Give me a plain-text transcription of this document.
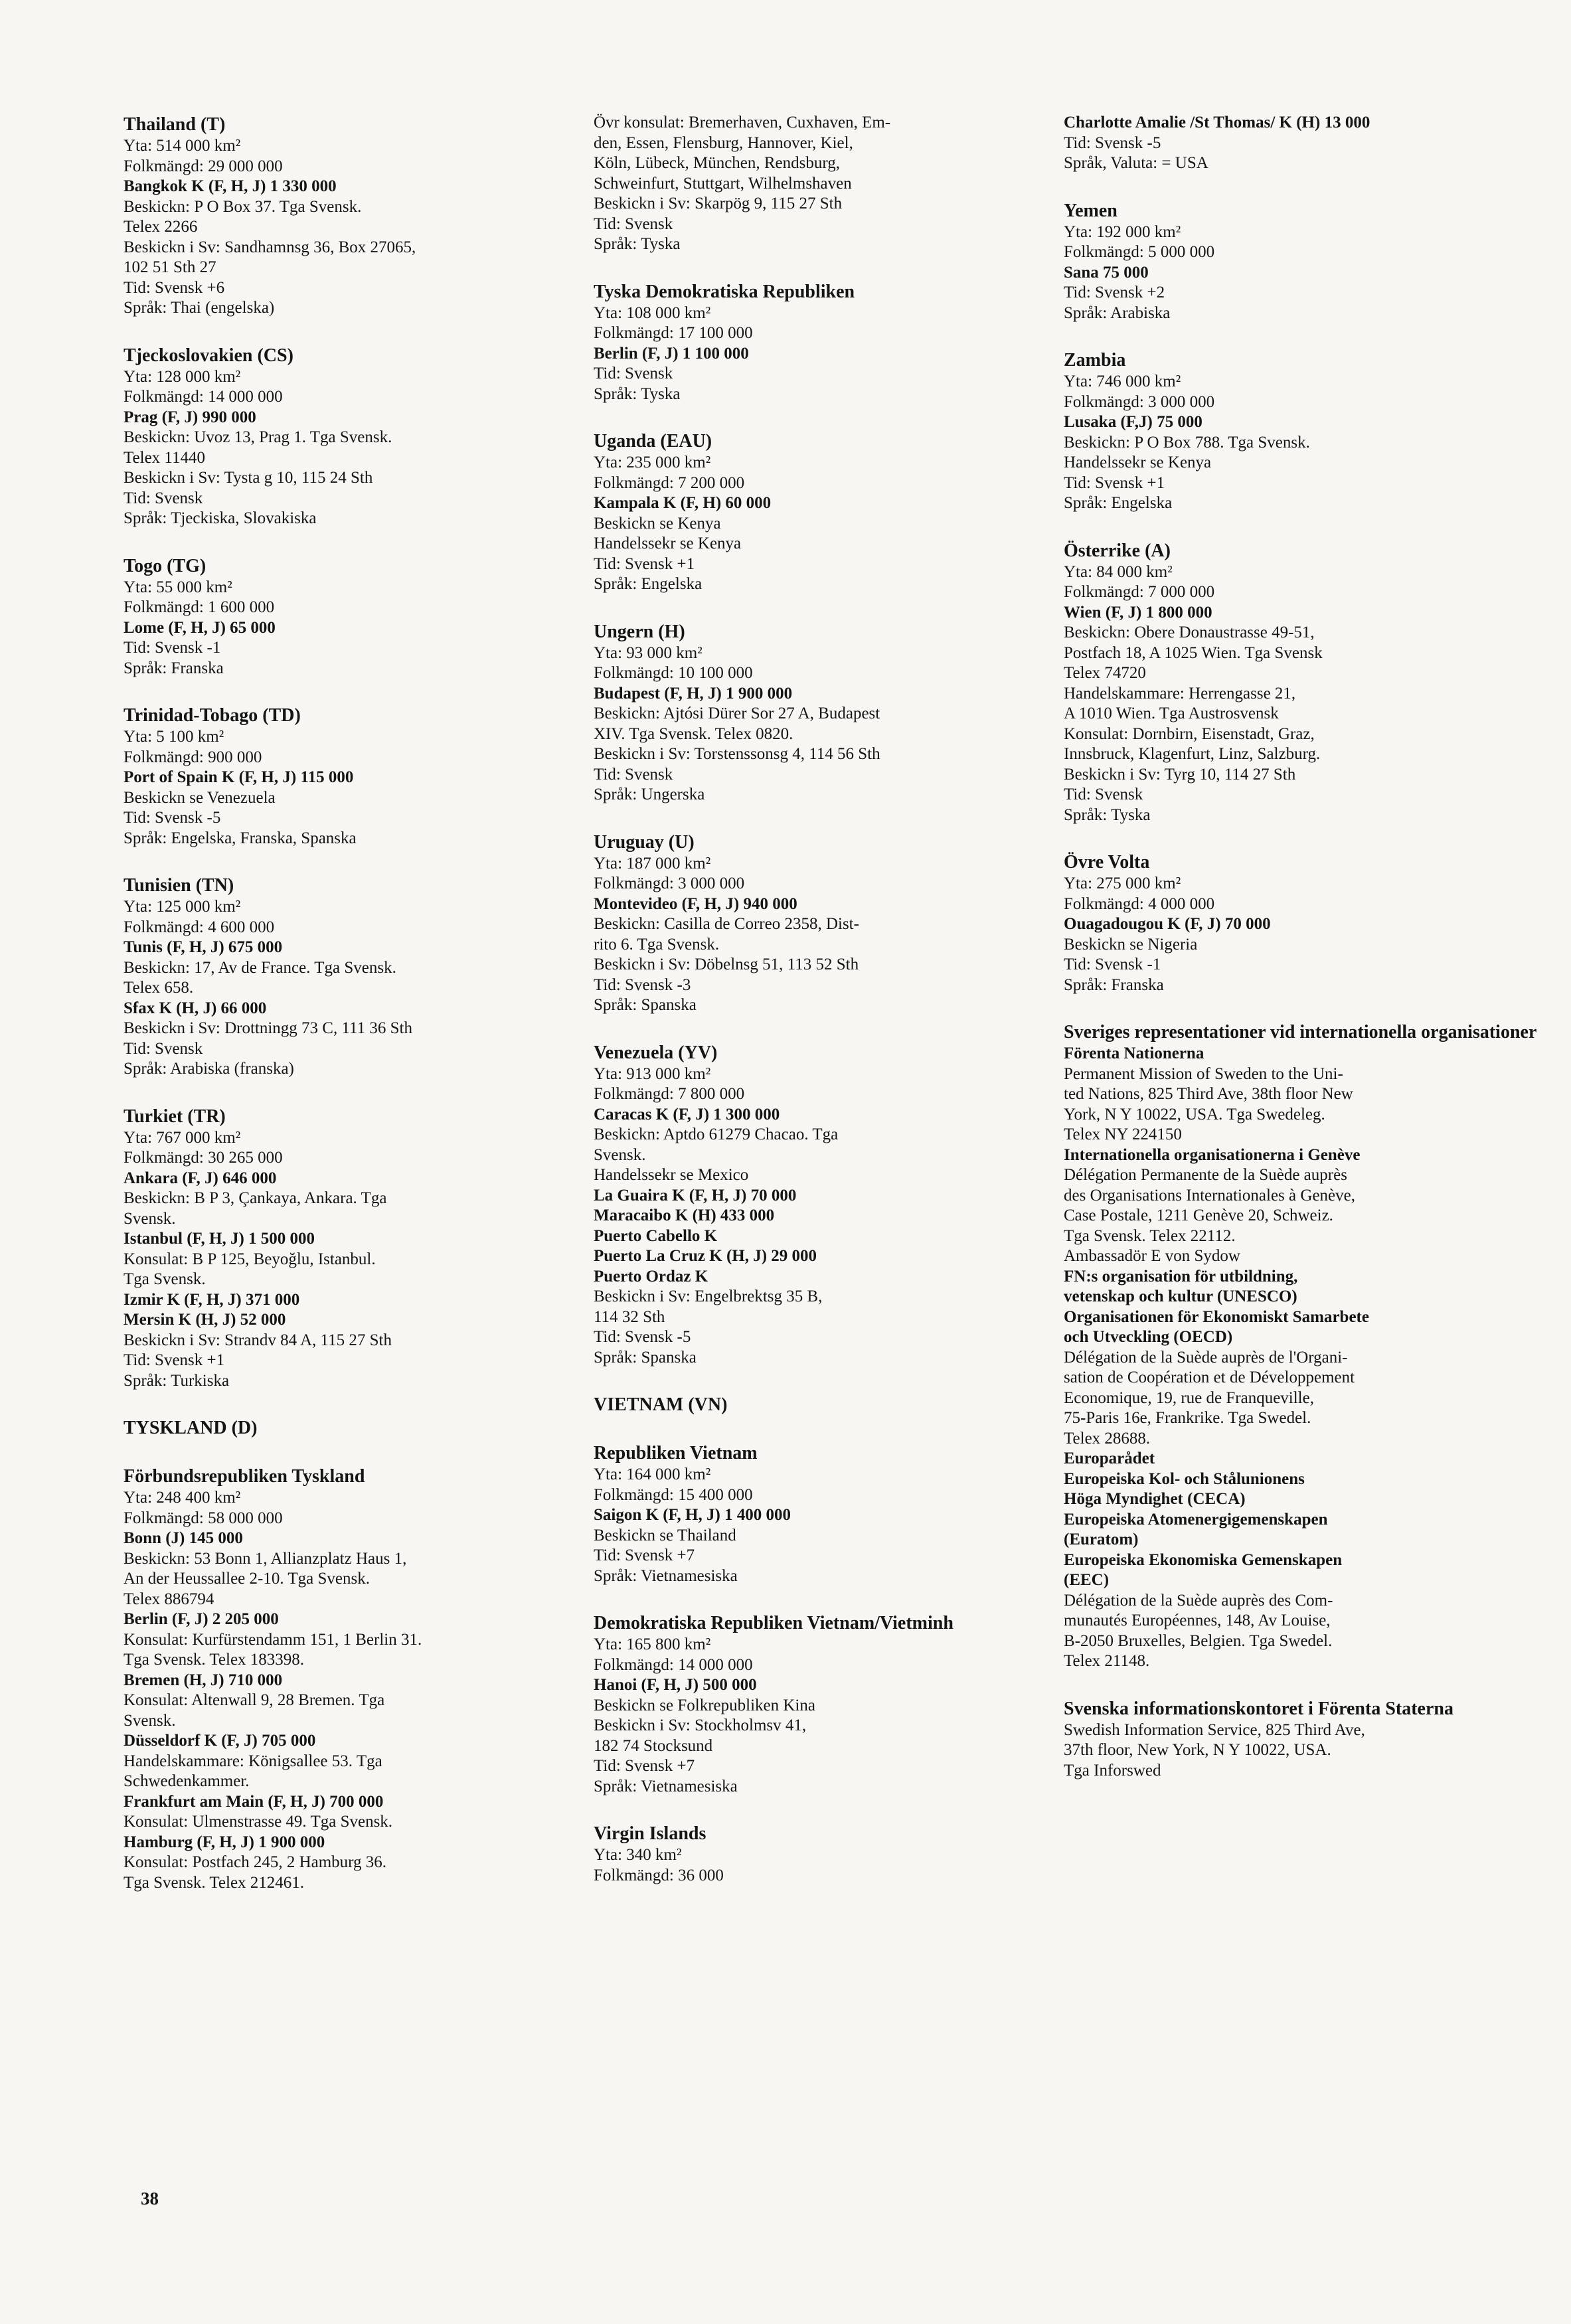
Thailand (T)
Yta: 514 000 km²
Folkmängd: 29 000 000
Bangkok K (F, H, J) 1 330 000
Beskickn: P O Box 37. Tga Svensk.
Telex 2266
Beskickn i Sv: Sandhamnsg 36, Box 27065,
102 51 Sth 27
Tid: Svensk +6
Språk: Thai (engelska)
Tjeckoslovakien (CS)
Yta: 128 000 km²
Folkmängd: 14 000 000
Prag (F, J) 990 000
Beskickn: Uvoz 13, Prag 1. Tga Svensk.
Telex 11440
Beskickn i Sv: Tysta g 10, 115 24 Sth
Tid: Svensk
Språk: Tjeckiska, Slovakiska
Togo (TG)
Yta: 55 000 km²
Folkmängd: 1 600 000
Lome (F, H, J) 65 000
Tid: Svensk -1
Språk: Franska
Trinidad-Tobago (TD)
Yta: 5 100 km²
Folkmängd: 900 000
Port of Spain K (F, H, J) 115 000
Beskickn se Venezuela
Tid: Svensk -5
Språk: Engelska, Franska, Spanska
Tunisien (TN)
Yta: 125 000 km²
Folkmängd: 4 600 000
Tunis (F, H, J) 675 000
Beskickn: 17, Av de France. Tga Svensk.
Telex 658.
Sfax K (H, J) 66 000
Beskickn i Sv: Drottningg 73 C, 111 36 Sth
Tid: Svensk
Språk: Arabiska (franska)
Turkiet (TR)
Yta: 767 000 km²
Folkmängd: 30 265 000
Ankara (F, J) 646 000
Beskickn: B P 3, Çankaya, Ankara. Tga
Svensk.
Istanbul (F, H, J) 1 500 000
Konsulat: B P 125, Beyoğlu, Istanbul.
Tga Svensk.
Izmir K (F, H, J) 371 000
Mersin K (H, J) 52 000
Beskickn i Sv: Strandv 84 A, 115 27 Sth
Tid: Svensk +1
Språk: Turkiska
TYSKLAND (D)
Förbundsrepubliken Tyskland
Yta: 248 400 km²
Folkmängd: 58 000 000
Bonn (J) 145 000
Beskickn: 53 Bonn 1, Allianzplatz Haus 1,
An der Heussallee 2-10. Tga Svensk.
Telex 886794
Berlin (F, J) 2 205 000
Konsulat: Kurfürstendamm 151, 1 Berlin 31.
Tga Svensk. Telex 183398.
Bremen (H, J) 710 000
Konsulat: Altenwall 9, 28 Bremen. Tga
Svensk.
Düsseldorf K (F, J) 705 000
Handelskammare: Königsallee 53. Tga
Schwedenkammer.
Frankfurt am Main (F, H, J) 700 000
Konsulat: Ulmenstrasse 49. Tga Svensk.
Hamburg (F, H, J) 1 900 000
Konsulat: Postfach 245, 2 Hamburg 36.
Tga Svensk. Telex 212461.
Övr konsulat: Bremerhaven, Cuxhaven, Em-
den, Essen, Flensburg, Hannover, Kiel,
Köln, Lübeck, München, Rendsburg,
Schweinfurt, Stuttgart, Wilhelmshaven
Beskickn i Sv: Skarpög 9, 115 27 Sth
Tid: Svensk
Språk: Tyska
Tyska Demokratiska Republiken
Yta: 108 000 km²
Folkmängd: 17 100 000
Berlin (F, J) 1 100 000
Tid: Svensk
Språk: Tyska
Uganda (EAU)
Yta: 235 000 km²
Folkmängd: 7 200 000
Kampala K (F, H) 60 000
Beskickn se Kenya
Handelssekr se Kenya
Tid: Svensk +1
Språk: Engelska
Ungern (H)
Yta: 93 000 km²
Folkmängd: 10 100 000
Budapest (F, H, J) 1 900 000
Beskickn: Ajtósi Dürer Sor 27 A, Budapest
XIV. Tga Svensk. Telex 0820.
Beskickn i Sv: Torstenssonsg 4, 114 56 Sth
Tid: Svensk
Språk: Ungerska
Uruguay (U)
Yta: 187 000 km²
Folkmängd: 3 000 000
Montevideo (F, H, J) 940 000
Beskickn: Casilla de Correo 2358, Dist-
rito 6. Tga Svensk.
Beskickn i Sv: Döbelnsg 51, 113 52 Sth
Tid: Svensk -3
Språk: Spanska
Venezuela (YV)
Yta: 913 000 km²
Folkmängd: 7 800 000
Caracas K (F, J) 1 300 000
Beskickn: Aptdo 61279 Chacao. Tga
Svensk.
Handelssekr se Mexico
La Guaira K (F, H, J) 70 000
Maracaibo K (H) 433 000
Puerto Cabello K
Puerto La Cruz K (H, J) 29 000
Puerto Ordaz K
Beskickn i Sv: Engelbrektsg 35 B,
114 32 Sth
Tid: Svensk -5
Språk: Spanska
VIETNAM (VN)
Republiken Vietnam
Yta: 164 000 km²
Folkmängd: 15 400 000
Saigon K (F, H, J) 1 400 000
Beskickn se Thailand
Tid: Svensk +7
Språk: Vietnamesiska
Demokratiska Republiken Vietnam/Vietminh
Yta: 165 800 km²
Folkmängd: 14 000 000
Hanoi (F, H, J) 500 000
Beskickn se Folkrepubliken Kina
Beskickn i Sv: Stockholmsv 41,
182 74 Stocksund
Tid: Svensk +7
Språk: Vietnamesiska
Virgin Islands
Yta: 340 km²
Folkmängd: 36 000
Charlotte Amalie /St Thomas/ K (H) 13 000
Tid: Svensk -5
Språk, Valuta: = USA
Yemen
Yta: 192 000 km²
Folkmängd: 5 000 000
Sana 75 000
Tid: Svensk +2
Språk: Arabiska
Zambia
Yta: 746 000 km²
Folkmängd: 3 000 000
Lusaka (F,J) 75 000
Beskickn: P O Box 788. Tga Svensk.
Handelssekr se Kenya
Tid: Svensk +1
Språk: Engelska
Österrike (A)
Yta: 84 000 km²
Folkmängd: 7 000 000
Wien (F, J) 1 800 000
Beskickn: Obere Donaustrasse 49-51,
Postfach 18, A 1025 Wien. Tga Svensk
Telex 74720
Handelskammare: Herrengasse 21,
A 1010 Wien. Tga Austrosvensk
Konsulat: Dornbirn, Eisenstadt, Graz,
Innsbruck, Klagenfurt, Linz, Salzburg.
Beskickn i Sv: Tyrg 10, 114 27 Sth
Tid: Svensk
Språk: Tyska
Övre Volta
Yta: 275 000 km²
Folkmängd: 4 000 000
Ouagadougou K (F, J) 70 000
Beskickn se Nigeria
Tid: Svensk -1
Språk: Franska
Sveriges representationer vid internationella organisationer
Förenta Nationerna
Permanent Mission of Sweden to the Uni-
ted Nations, 825 Third Ave, 38th floor New
York, N Y 10022, USA. Tga Swedeleg.
Telex NY 224150
Internationella organisationerna i Genève
Délégation Permanente de la Suède auprès
des Organisations Internationales à Genève,
Case Postale, 1211 Genève 20, Schweiz.
Tga Svensk. Telex 22112.
Ambassadör E von Sydow
FN:s organisation för utbildning,
vetenskap och kultur (UNESCO)
Organisationen för Ekonomiskt Samarbete
och Utveckling (OECD)
Délégation de la Suède auprès de l'Organi-
sation de Coopération et de Développement
Economique, 19, rue de Franqueville,
75-Paris 16e, Frankrike. Tga Swedel.
Telex 28688.
Europarådet
Europeiska Kol- och Stålunionens
Höga Myndighet (CECA)
Europeiska Atomenergigemenskapen
(Euratom)
Europeiska Ekonomiska Gemenskapen
(EEC)
Délégation de la Suède auprès des Com-
munautés Européennes, 148, Av Louise,
B-2050 Bruxelles, Belgien. Tga Swedel.
Telex 21148.
Svenska informationskontoret i Förenta Staterna
Swedish Information Service, 825 Third Ave,
37th floor, New York, N Y 10022, USA.
Tga Inforswed
38
